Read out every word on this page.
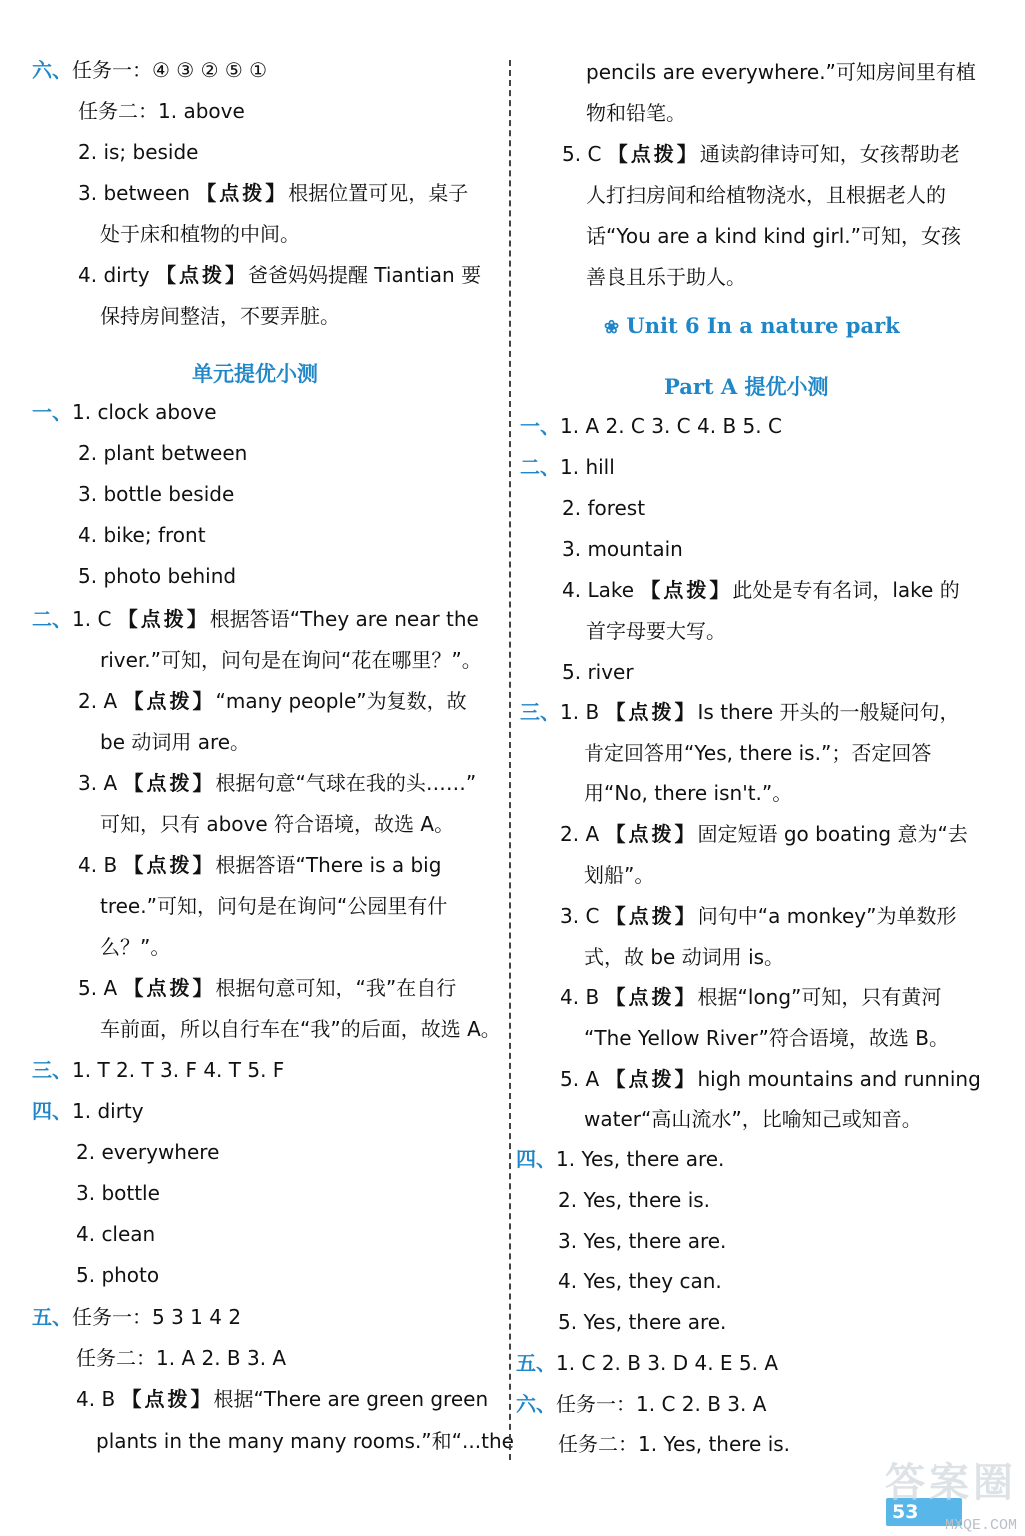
六、任务一：④ ③ ② ⑤ ①
任务二：1. above
2. is; beside
3. between 【点拨】根据位置可见，桌子
处于床和植物的中间。
4. dirty 【点拨】爸爸妈妈提醒 Tiantian 要
保持房间整洁，不要弄脏。
单元提优小测
一、1. clock above
2. plant between
3. bottle beside
4. bike; front
5. photo behind
二、1. C 【点拨】根据答语“They are near the
river.”可知，问句是在询问“花在哪里？”。
2. A 【点拨】“many people”为复数，故
be 动词用 are。
3. A 【点拨】根据句意“气球在我的头……”
可知，只有 above 符合语境，故选 A。
4. B 【点拨】根据答语“There is a big
tree.”可知，问句是在询问“公园里有什
么？”。
5. A 【点拨】根据句意可知，“我”在自行
车前面，所以自行车在“我”的后面，故选 A。
三、1. T 2. T 3. F 4. T 5. F
四、1. dirty
2. everywhere
3. bottle
4. clean
5. photo
五、任务一：5 3 1 4 2
任务二：1. A 2. B 3. A
4. B 【点拨】根据“There are green green
plants in the many many rooms.”和“...the
pencils are everywhere.”可知房间里有植
物和铅笔。
5. C 【点拨】通读韵律诗可知，女孩帮助老
人打扫房间和给植物浇水，且根据老人的
话“You are a kind kind girl.”可知，女孩
善良且乐于助人。
❀ Unit 6 In a nature park
Part A 提优小测
一、1. A 2. C 3. C 4. B 5. C
二、1. hill
2. forest
3. mountain
4. Lake 【点拨】此处是专有名词，lake 的
首字母要大写。
5. river
三、1. B 【点拨】Is there 开头的一般疑问句，
肯定回答用“Yes, there is.”；否定回答
用“No, there isn't.”。
2. A 【点拨】固定短语 go boating 意为“去
划船”。
3. C 【点拨】问句中“a monkey”为单数形
式，故 be 动词用 is。
4. B 【点拨】根据“long”可知，只有黄河
“The Yellow River”符合语境，故选 B。
5. A 【点拨】high mountains and running
water“高山流水”，比喻知己或知音。
四、1. Yes, there are.
2. Yes, there is.
3. Yes, there are.
4. Yes, they can.
5. Yes, there are.
五、1. C 2. B 3. D 4. E 5. A
六、任务一：1. C 2. B 3. A
任务二：1. Yes, there is.
53
答案圈
MXQE.COM
